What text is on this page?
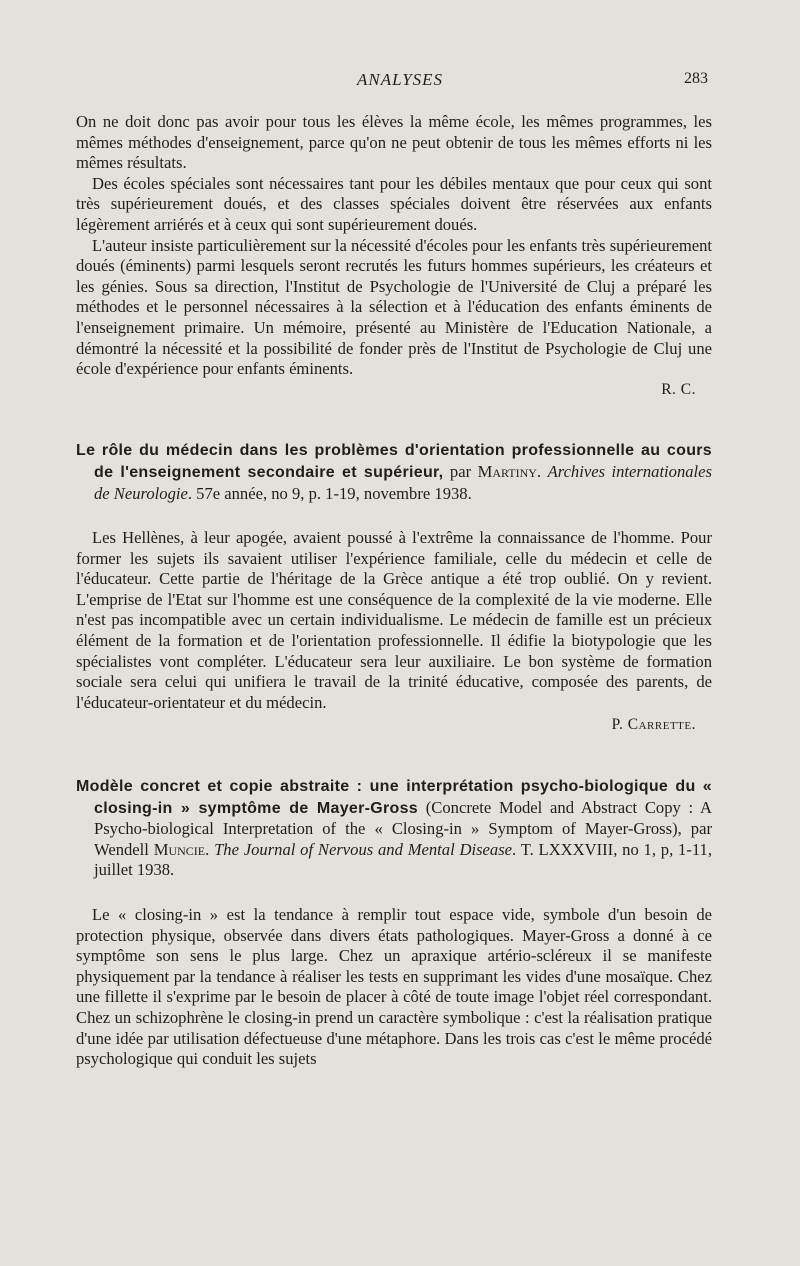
ANALYSES	283

On ne doit donc pas avoir pour tous les élèves la même école, les mêmes programmes, les mêmes méthodes d'enseignement, parce qu'on ne peut obtenir de tous les mêmes efforts ni les mêmes résultats.

Des écoles spéciales sont nécessaires tant pour les débiles mentaux que pour ceux qui sont très supérieurement doués, et des classes spéciales doivent être réservées aux enfants légèrement arriérés et à ceux qui sont supérieurement doués.

L'auteur insiste particulièrement sur la nécessité d'écoles pour les enfants très supérieurement doués (éminents) parmi lesquels seront recrutés les futurs hommes supérieurs, les créateurs et les génies. Sous sa direction, l'Institut de Psychologie de l'Université de Cluj a préparé les méthodes et le personnel nécessaires à la sélection et à l'éducation des enfants éminents de l'enseignement primaire. Un mémoire, présenté au Ministère de l'Education Nationale, a démontré la nécessité et la possibilité de fonder près de l'Institut de Psychologie de Cluj une école d'expérience pour enfants éminents.

R. C.
Le rôle du médecin dans les problèmes d'orientation professionnelle au cours de l'enseignement secondaire et supérieur, par Martiny. Archives internationales de Neurologie. 57e année, no 9, p. 1-19, novembre 1938.

Les Hellènes, à leur apogée, avaient poussé à l'extrême la connaissance de l'homme. Pour former les sujets ils savaient utiliser l'expérience familiale, celle du médecin et celle de l'éducateur. Cette partie de l'héritage de la Grèce antique a été trop oublié. On y revient. L'emprise de l'Etat sur l'homme est une conséquence de la complexité de la vie moderne. Elle n'est pas incompatible avec un certain individualisme. Le médecin de famille est un précieux élément de la formation et de l'orientation professionnelle. Il édifie la biotypologie que les spécialistes vont compléter. L'éducateur sera leur auxiliaire. Le bon système de formation sociale sera celui qui unifiera le travail de la trinité éducative, composée des parents, de l'éducateur-orientateur et du médecin.

P. Carrette.
Modèle concret et copie abstraite : une interprétation psycho-biologique du « closing-in » symptôme de Mayer-Gross (Concrete Model and Abstract Copy : A Psycho-biological Interpretation of the « Closing-in » Symptom of Mayer-Gross), par Wendell Muncie. The Journal of Nervous and Mental Disease. T. LXXXVIII, no 1, p, 1-11, juillet 1938.

Le « closing-in » est la tendance à remplir tout espace vide, symbole d'un besoin de protection physique, observée dans divers états pathologiques. Mayer-Gross a donné à ce symptôme son sens le plus large. Chez un apraxique artério-scléreux il se manifeste physiquement par la tendance à réaliser les tests en supprimant les vides d'une mosaïque. Chez une fillette il s'exprime par le besoin de placer à côté de toute image l'objet réel correspondant. Chez un schizophrène le closing-in prend un caractère symbolique : c'est la réalisation pratique d'une idée par utilisation défectueuse d'une métaphore. Dans les trois cas c'est le même procédé psychologique qui conduit les sujets
